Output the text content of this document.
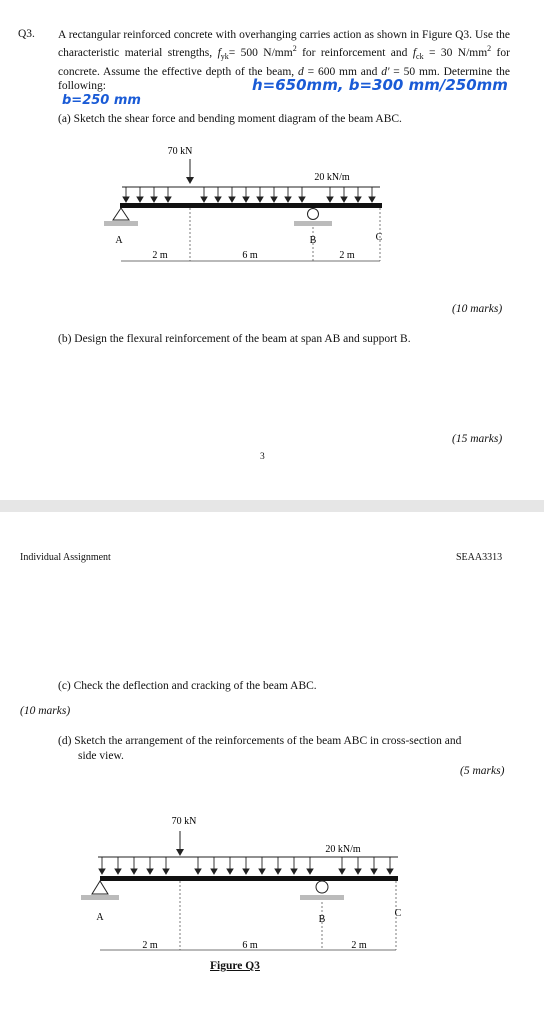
Q3. A rectangular reinforced concrete with overhanging carries action as shown in Figure Q3. Use the characteristic material strengths, $f_{yk}= 500$ $N/mm^2$ for reinforcement and $f_{ck} = 30$ $N/mm^2$ for concrete. Assume the effective depth of the beam, d = 600 mm and d' = 50 mm. Determine the following:	h=650mm, b=300 mm/250mm
b=250 mm
(a) Sketch the shear force and bending moment diagram of the beam ABC.
70 kN
20 kN/m
A	B	C
2 m	6 m	2 m
(10 marks)
(b) Design the flexural reinforcement of the beam at span AB and support B.
(15 marks)
3
Individual Assignment	SEAA3313
(c) Check the deflection and cracking of the beam ABC.
(10 marks)
(d) Sketch the arrangement of the reinforcements of the beam ABC in cross-section and
side view.
(5 marks)
70 kN
20 kN/m
A	B
C
2 m	6 m	2 m
Figure Q3
